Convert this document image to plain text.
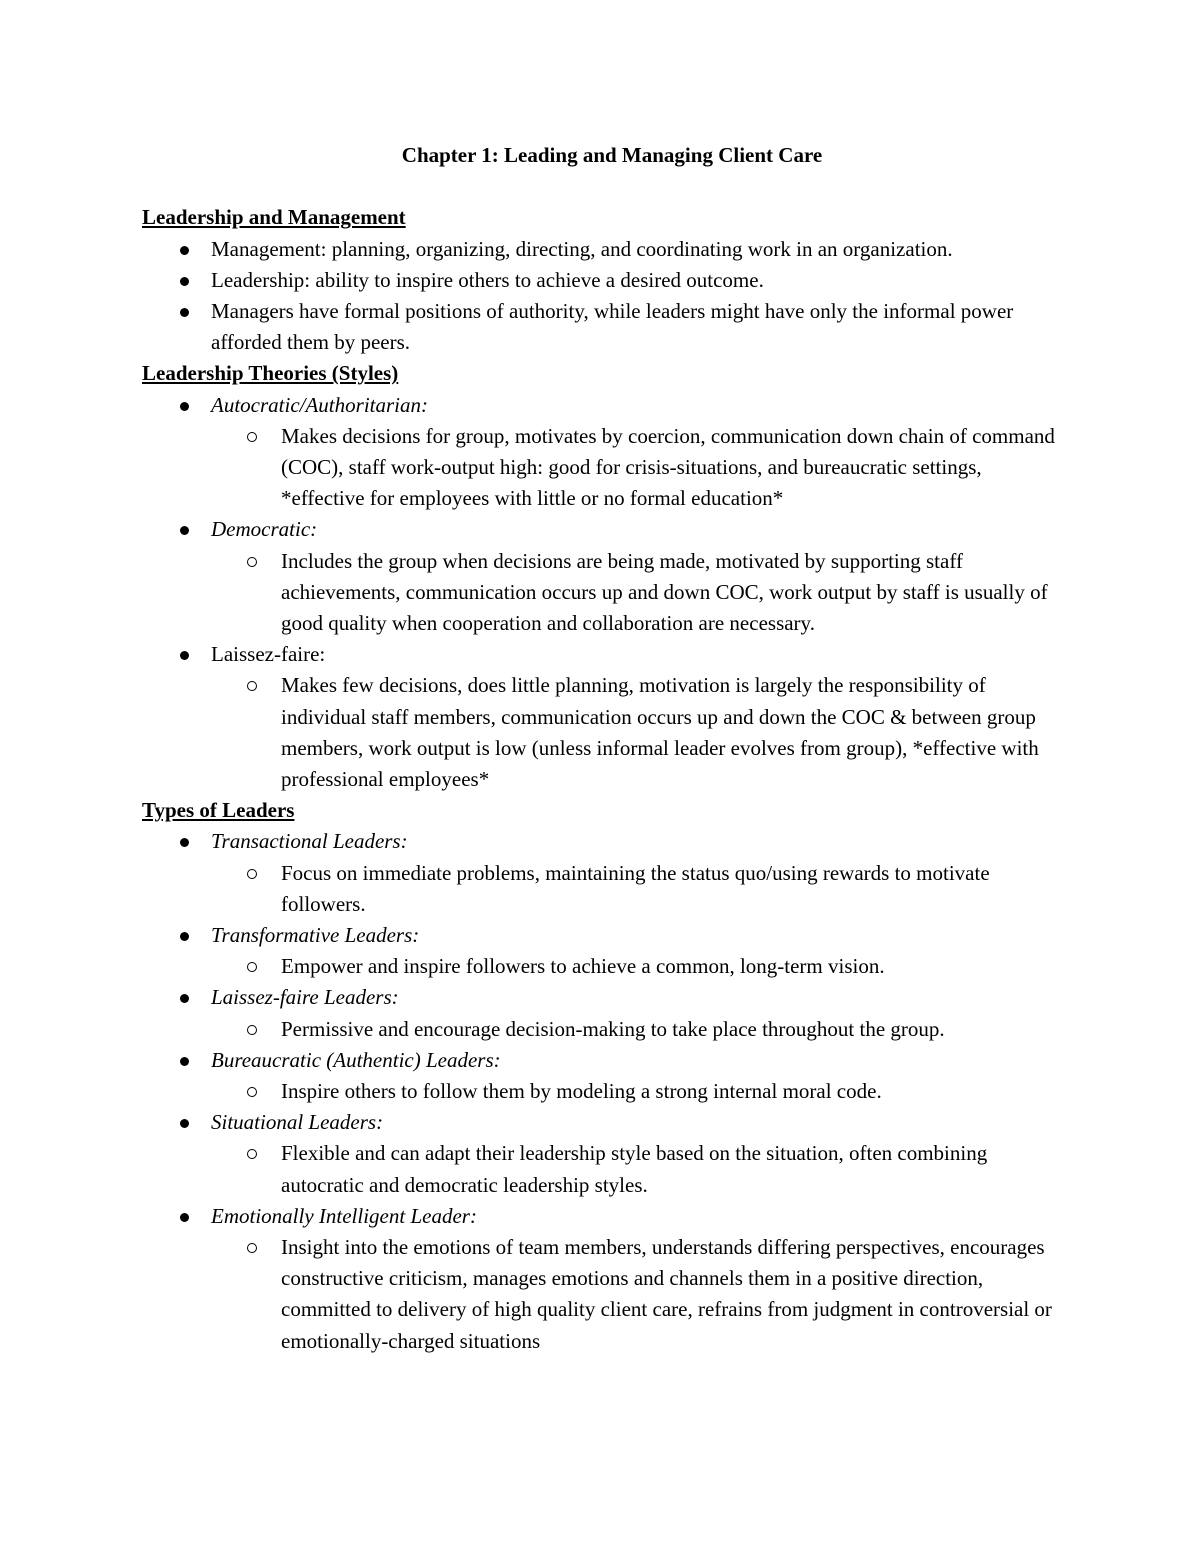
Chapter 1: Leading and Managing Client Care
Leadership and Management
Management: planning, organizing, directing, and coordinating work in an organization.
Leadership: ability to inspire others to achieve a desired outcome.
Managers have formal positions of authority, while leaders might have only the informal power afforded them by peers.
Leadership Theories (Styles)
Autocratic/Authoritarian:
Makes decisions for group, motivates by coercion, communication down chain of command (COC), staff work-output high: good for crisis-situations, and bureaucratic settings, *effective for employees with little or no formal education*
Democratic:
Includes the group when decisions are being made, motivated by supporting staff achievements, communication occurs up and down COC, work output by staff is usually of good quality when cooperation and collaboration are necessary.
Laissez-faire:
Makes few decisions, does little planning, motivation is largely the responsibility of individual staff members, communication occurs up and down the COC & between group members, work output is low (unless informal leader evolves from group), *effective with professional employees*
Types of Leaders
Transactional Leaders:
Focus on immediate problems, maintaining the status quo/using rewards to motivate followers.
Transformative Leaders:
Empower and inspire followers to achieve a common, long-term vision.
Laissez-faire Leaders:
Permissive and encourage decision-making to take place throughout the group.
Bureaucratic (Authentic) Leaders:
Inspire others to follow them by modeling a strong internal moral code.
Situational Leaders:
Flexible and can adapt their leadership style based on the situation, often combining autocratic and democratic leadership styles.
Emotionally Intelligent Leader:
Insight into the emotions of team members, understands differing perspectives, encourages constructive criticism, manages emotions and channels them in a positive direction, committed to delivery of high quality client care, refrains from judgment in controversial or emotionally-charged situations
